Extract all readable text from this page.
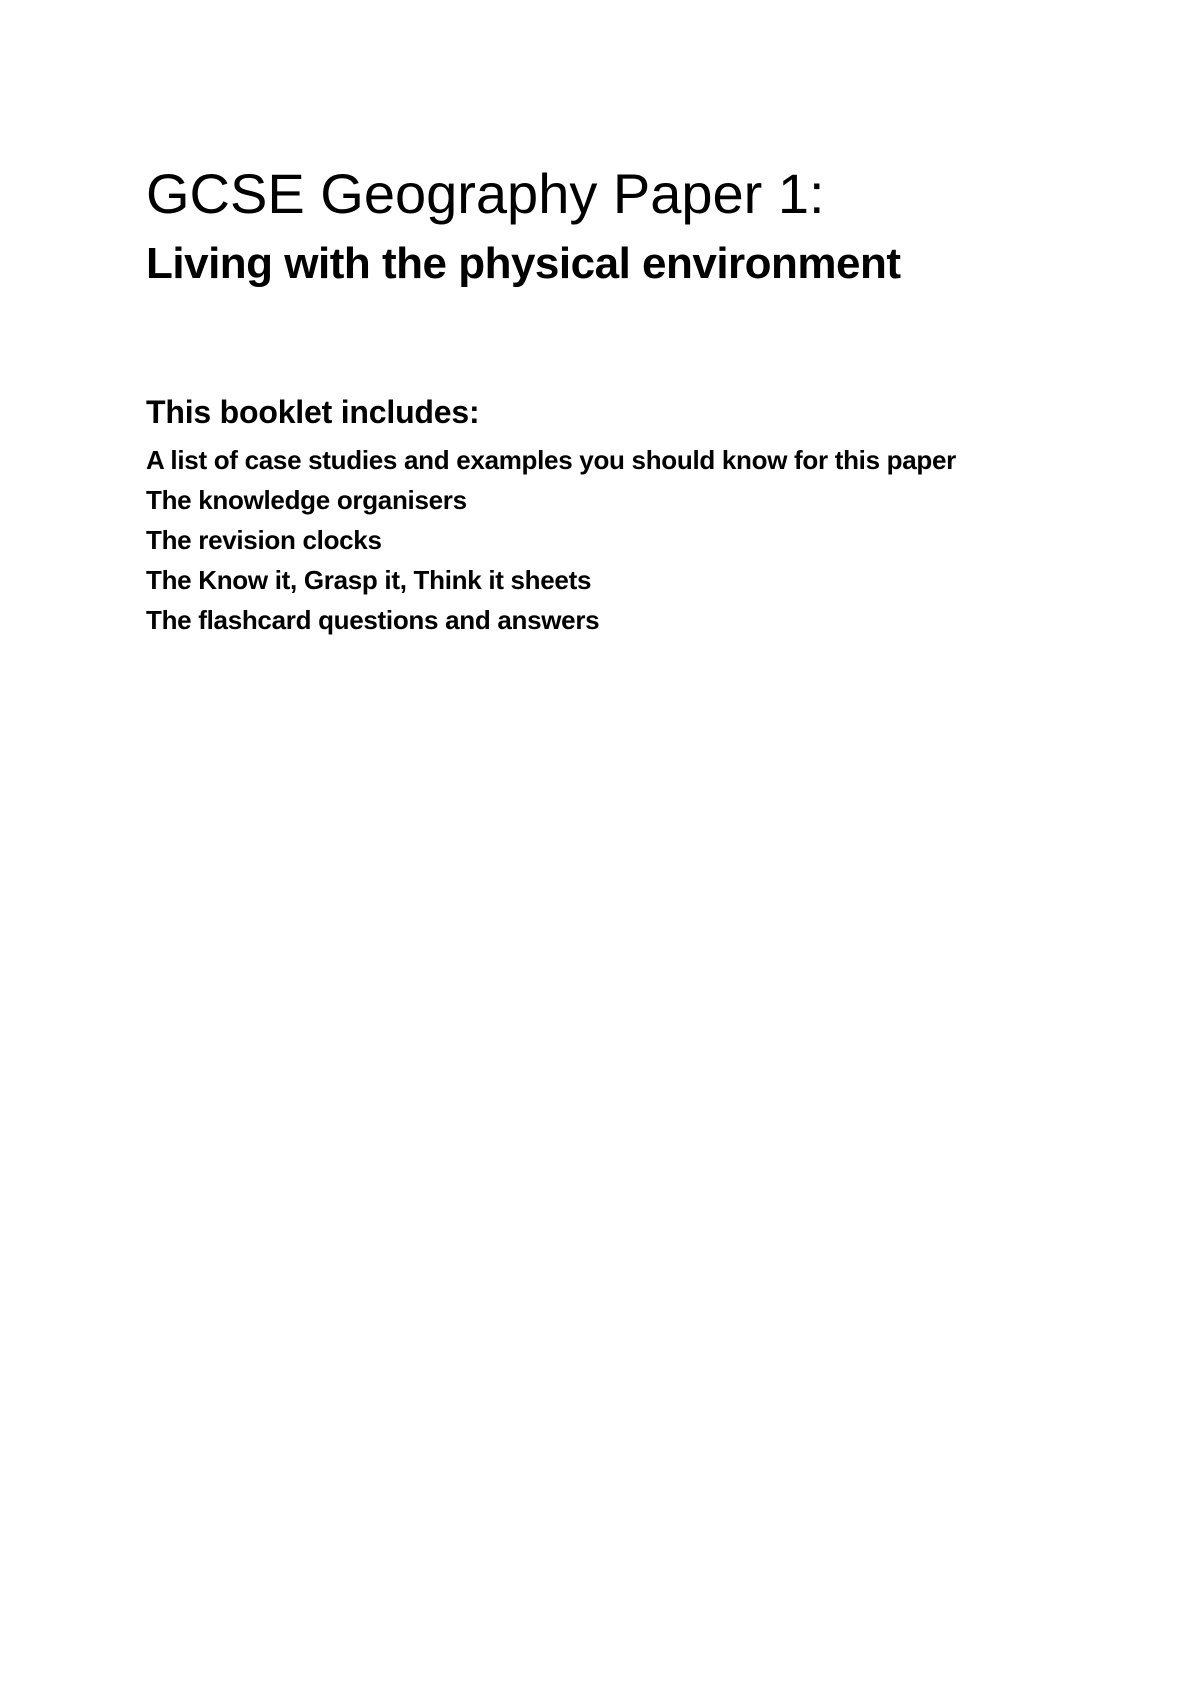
GCSE Geography Paper 1:
Living with the physical environment
This booklet includes:
A list of case studies and examples you should know for this paper
The knowledge organisers
The revision clocks
The Know it, Grasp it, Think it sheets
The flashcard questions and answers
